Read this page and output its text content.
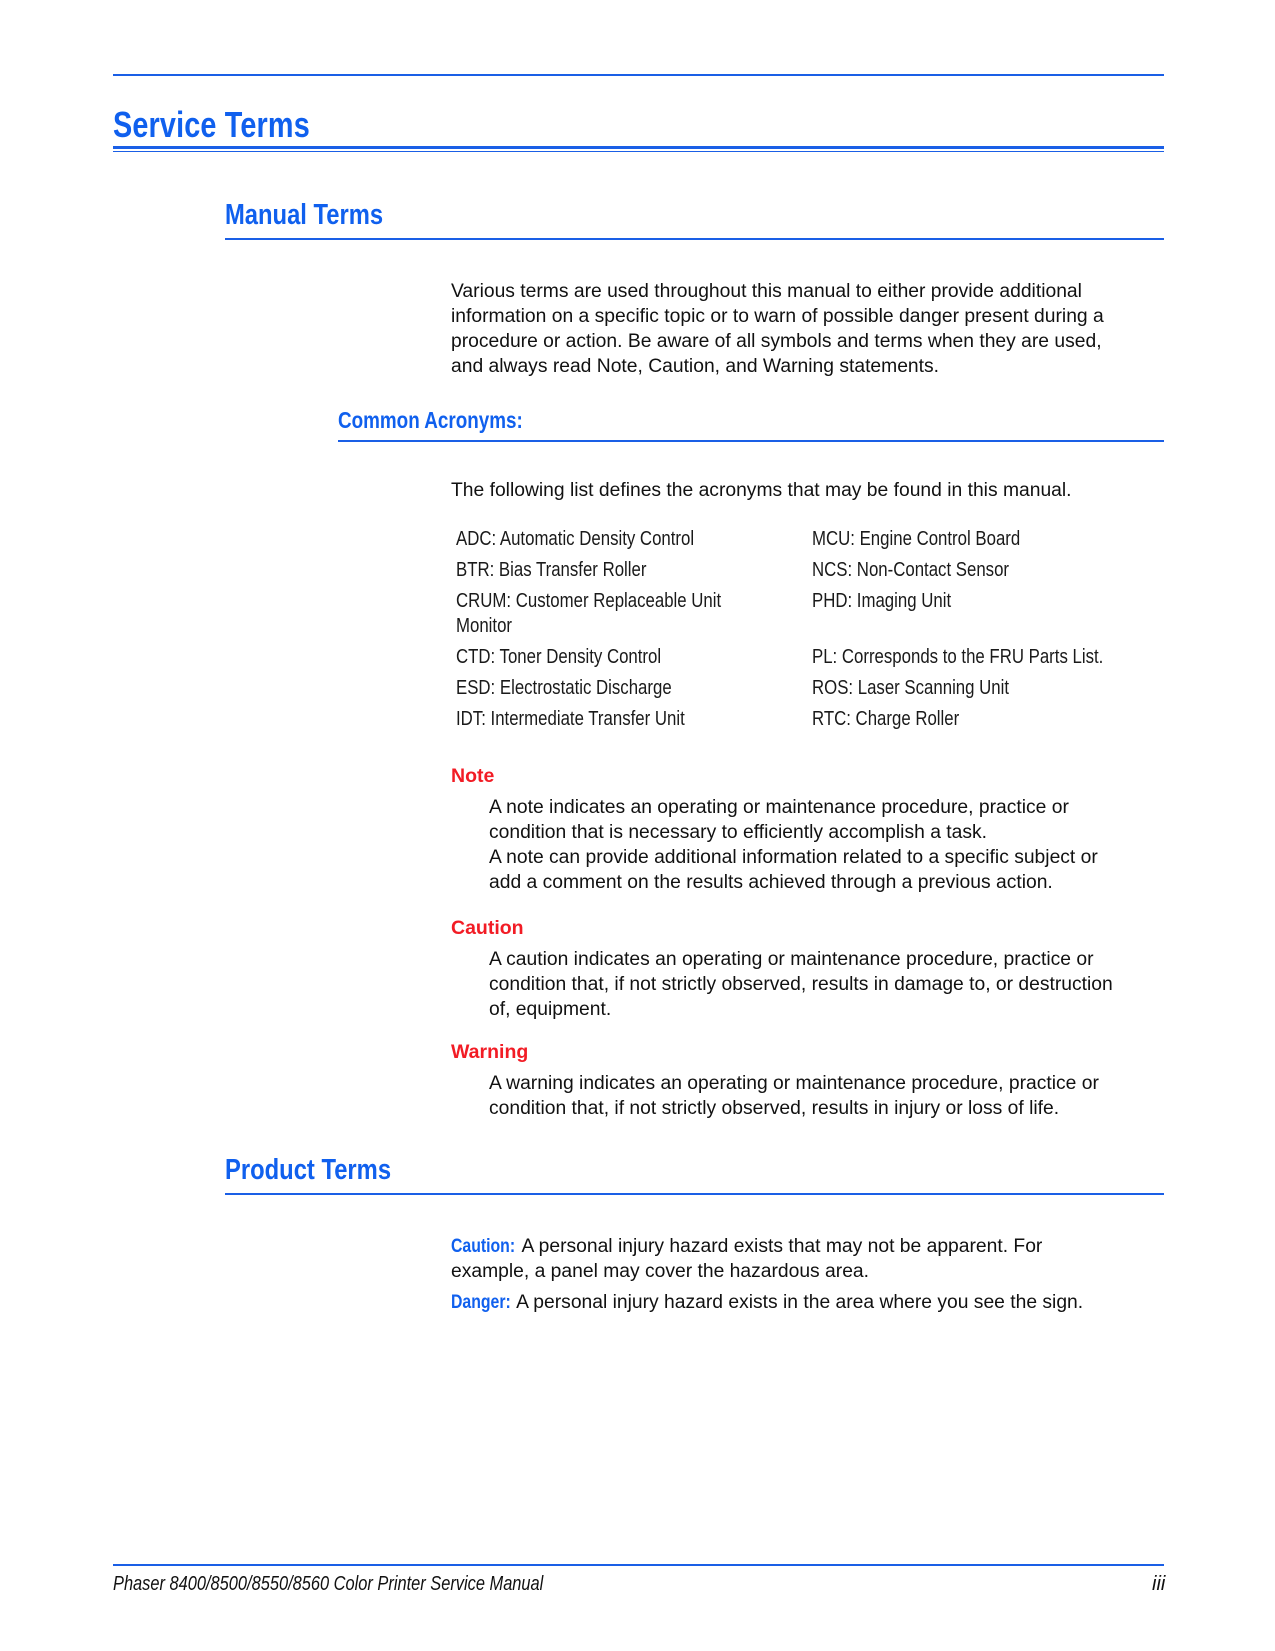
Service Terms
Manual Terms
Various terms are used throughout this manual to either provide additional
information on a specific topic or to warn of possible danger present during a
procedure or action. Be aware of all symbols and terms when they are used,
and always read Note, Caution, and Warning statements.
Common Acronyms:
The following list defines the acronyms that may be found in this manual.
ADC: Automatic Density Control
BTR: Bias Transfer Roller
CRUM: Customer Replaceable Unit
Monitor
CTD: Toner Density Control
ESD: Electrostatic Discharge
IDT: Intermediate Transfer Unit
MCU: Engine Control Board
NCS: Non-Contact Sensor
PHD: Imaging Unit
PL: Corresponds to the FRU Parts List.
ROS: Laser Scanning Unit
RTC: Charge Roller
Note
A note indicates an operating or maintenance procedure, practice or
condition that is necessary to efficiently accomplish a task.
A note can provide additional information related to a specific subject or
add a comment on the results achieved through a previous action.
Caution
A caution indicates an operating or maintenance procedure, practice or
condition that, if not strictly observed, results in damage to, or destruction
of, equipment.
Warning
A warning indicates an operating or maintenance procedure, practice or
condition that, if not strictly observed, results in injury or loss of life.
Product Terms
Caution: A personal injury hazard exists that may not be apparent. For
example, a panel may cover the hazardous area.
Danger: A personal injury hazard exists in the area where you see the sign.
Phaser 8400/8500/8550/8560 Color Printer Service Manual	iii
